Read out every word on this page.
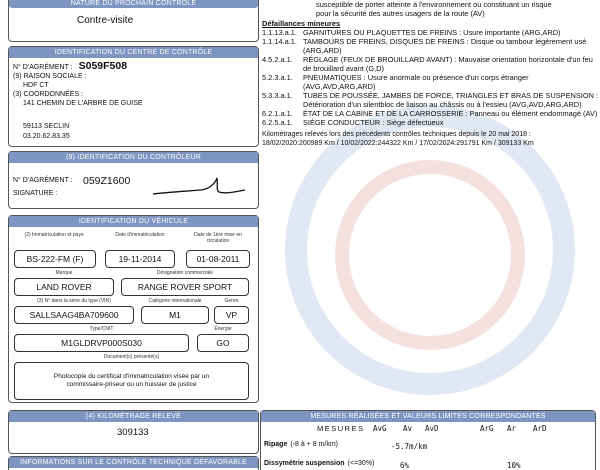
NATURE DU PROCHAIN CONTRÔLE
Contre-visite
IDENTIFICATION DU CENTRE DE CONTRÔLE
N° D'AGRÉMENT : S059F508
(9) RAISON SOCIALE :
HDF CT
(3) COORDONNÉES :
141 CHEMIN DE L'ARBRE DE GUISE
59113 SECLIN
03.20.62.83.35
(9) IDENTIFICATION DU CONTRÔLEUR
N° D'AGRÉMENT : 059Z1600
SIGNATURE :
IDENTIFICATION DU VÉHICULE
(2) Immatriculation et pays	Date d'immatriculation	Date de 1ère mise en circulation
BS-222-FM (F)	19-11-2014	01-08-2011
Marque	Désignation commerciale
LAND ROVER	RANGE ROVER SPORT
(3) N° dans la série du type (VIN)	Catégorie internationale	Genre
SALLSAAG4BA709600	M1	VP
Type/CNIT	Énergie
M1GLDRVP000S030	GO
Document(s) présenté(s)
Photocopie du certificat d'immatriculation visée par un commissaire-priseur ou un huissier de justice
(4) KILOMÉTRAGE RELEVÉ
309133
INFORMATIONS SUR LE CONTRÔLE TECHNIQUE DÉFAVORABLE
susceptible de porter atteinte à l'environnement ou constituant un risque
pour la sécurité des autres usagers de la route (AV)
Défaillances mineures
1.1.13.a.1. GARNITURES OU PLAQUETTES DE FREINS : Usure importante (ARG,ARD)
1.1.14.a.1. TAMBOURS DE FREINS, DISQUES DE FREINS : Disque ou tambour légèrement usé (ARG,ARD)
4.5.2.a.1.	RÉGLAGE (FEUX DE BROUILLARD AVANT) : Mauvaise orientation horizontale d'un feu de brouillard avant (G,D)
5.2.3.a.1.	PNEUMATIQUES : Usure anormale ou présence d'un corps étranger (AVG,AVD,ARG,ARD)
5.3.3.a.1.	TUBES DE POUSSÉE, JAMBES DE FORCE, TRIANGLES ET BRAS DE SUSPENSION : Détérioration d'un silentbloc de liaison au châssis ou à l'essieu (AVG,AVD,ARG,ARD)
6.2.1.a.1.	ÉTAT DE LA CABINE ET DE LA CARROSSERIE : Panneau ou élément endommagé (AV)
6.2.5.a.1.	SIÈGE CONDUCTEUR : Siège défectueux
Kilométrages relevés lors des précédents contrôles techniques depuis le 20 mai 2018 :
18/02/2020:200989 Km / 10/02/2022:244322 Km / 17/02/2024:291791 Km / 309133 Km
MESURES RÉALISÉES ET VALEURS LIMITES CORRESPONDANTES
MESURES AvG Av AvD	ArG Ar ArD
Ripage (-8 à + 8 m/km)	-5.7m/km
Dissymétrie suspension (<=30%)	6%	10%
